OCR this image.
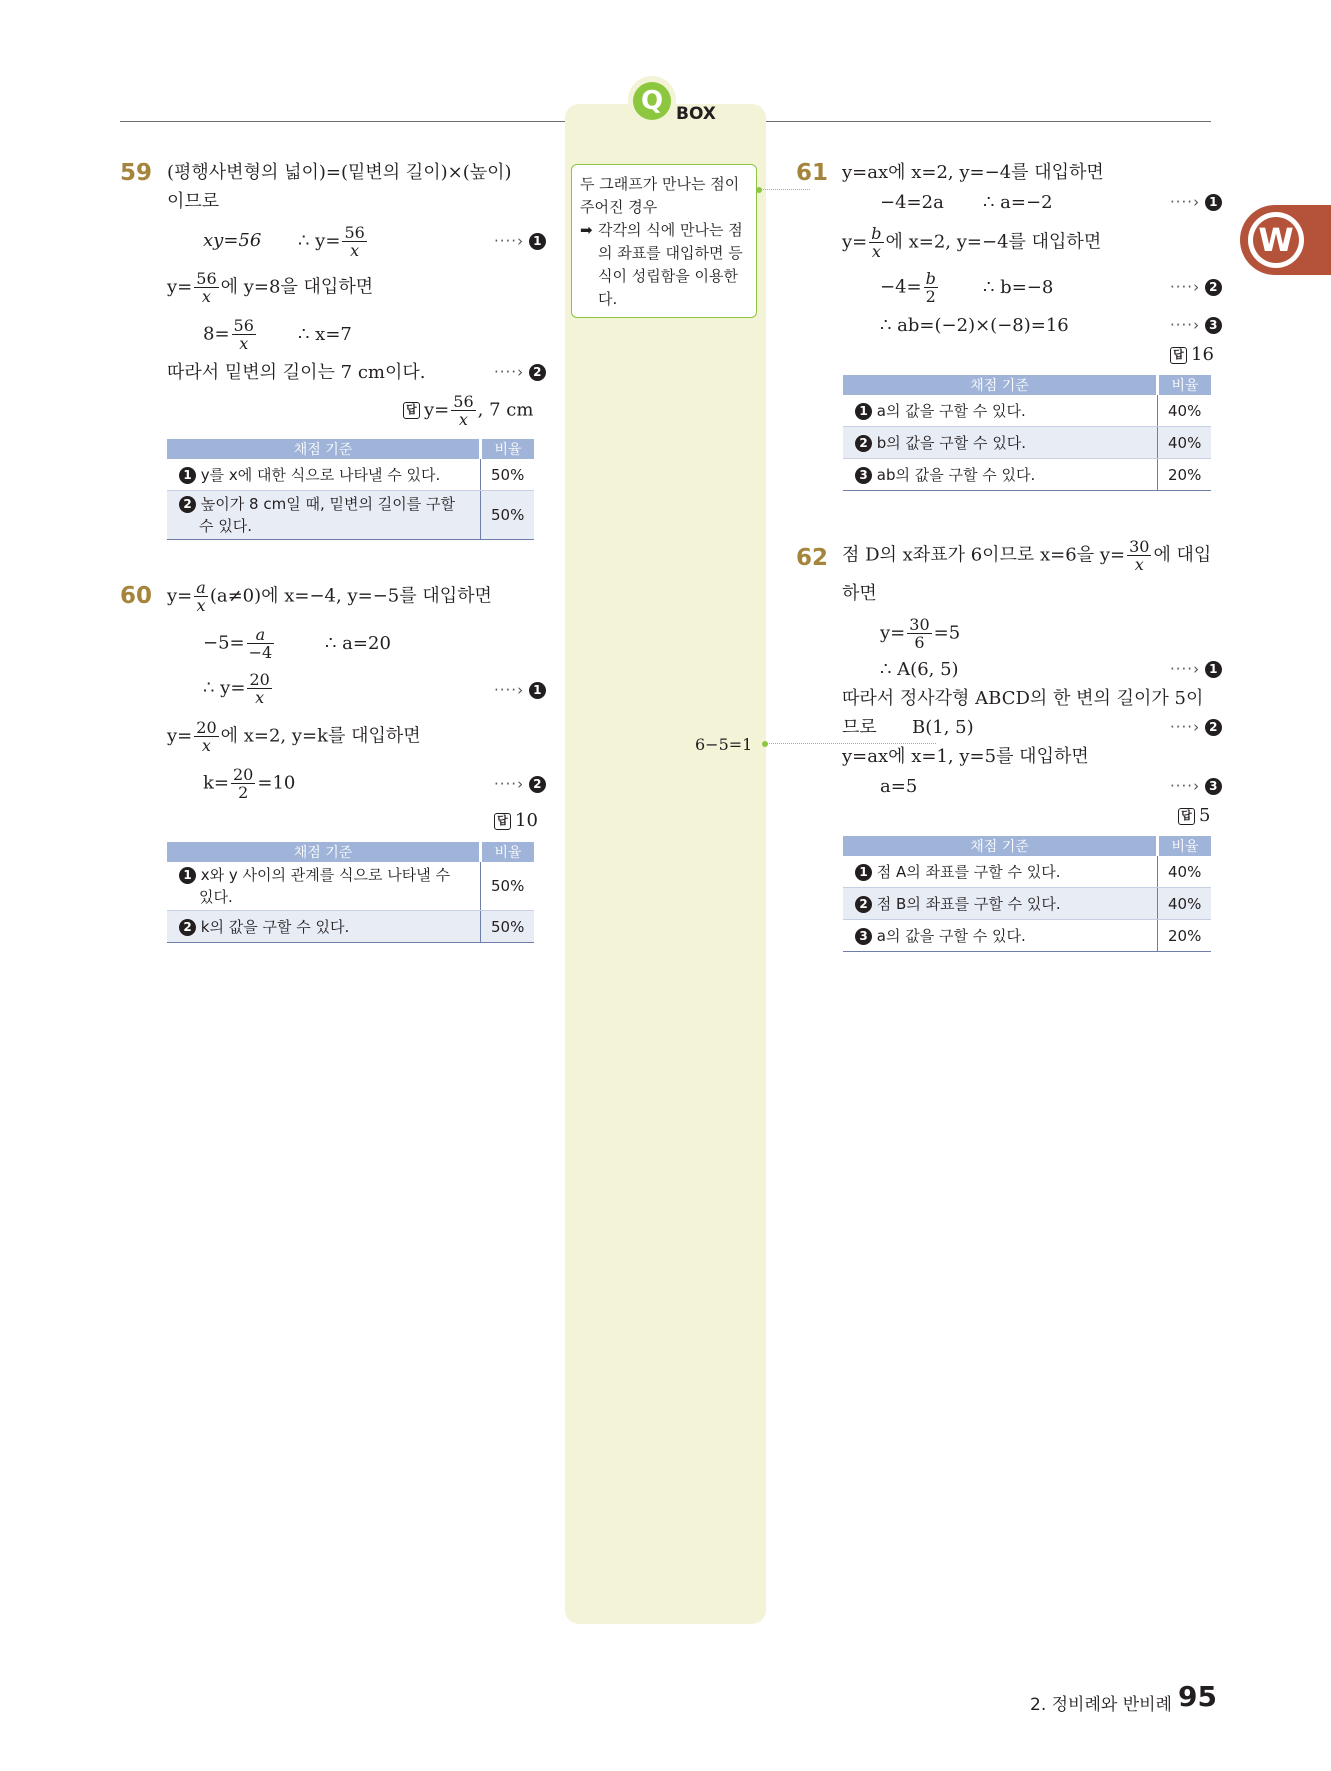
Q BOX
두 그래프가 만나는 점이
주어진 경우
➡ 각각의 식에 만나는 점
의 좌표를 대입하면 등
식이 성립함을 이용한
다.
6−5=1
W
59 (평행사변형의 넓이)=(밑변의 길이)×(높이)
이므로
xy=56 ∴ $y= \frac{56}{x}$	····› 1
$y= \frac{56}{x}$ 에 y=8을 대입하면
$8= \frac{56}{x}$ ∴ x=7
따라서 밑변의 길이는 7 cm이다.	····› 2
답 $y= \frac{56}{x}$ , 7 cm
채점 기준	비율
1 y를 x에 대한 식으로 나타낼 수 있다.	50%
2 높이가 8 cm일 때, 밑변의 길이를 구할
수 있다.	50%
60 $y= \frac{a}{x} (a\ne 0)$에 x=−4, y=−5를 대입하면
$-5= \frac{a}{-4}$	∴ a=20
∴ $y= \frac{20}{x}$	····› 1
$y= \frac{20}{x}$ 에 x=2, y=k를 대입하면
$k= \frac{20}{2} =10$	····› 2
답 10
채점 기준	비율
1 x와 y 사이의 관계를 식으로 나타낼 수
있다.	50%
2 k의 값을 구할 수 있다.	50%
61 y=ax에 x=2, y=−4를 대입하면
−4=2a ∴ a=−2	····› 1
$y= \frac{b}{x}$ 에 x=2, y=−4를 대입하면
$-4= \frac{b}{2}$	∴ b=−8	····› 2
∴ ab=(−2)×(−8)=16	····› 3
답 16
채점 기준	비율
1 a의 값을 구할 수 있다.	40%
2 b의 값을 구할 수 있다.	40%
3 ab의 값을 구할 수 있다.	20%
62 점 D의 x좌표가 6이므로 x=6을 $y= \frac{30}{x}$ 에 대입
하면
$y= \frac{30}{6} =5$
∴ A(6, 5)	····› 1
따라서 정사각형 ABCD의 한 변의 길이가 5이
므로 B(1, 5)	····› 2
y=ax에 x=1, y=5를 대입하면
a=5	····› 3
답 5
채점 기준	비율
1 점 A의 좌표를 구할 수 있다.	40%
2 점 B의 좌표를 구할 수 있다.	40%
3 a의 값을 구할 수 있다.	20%
2. 정비례와 반비례 95
